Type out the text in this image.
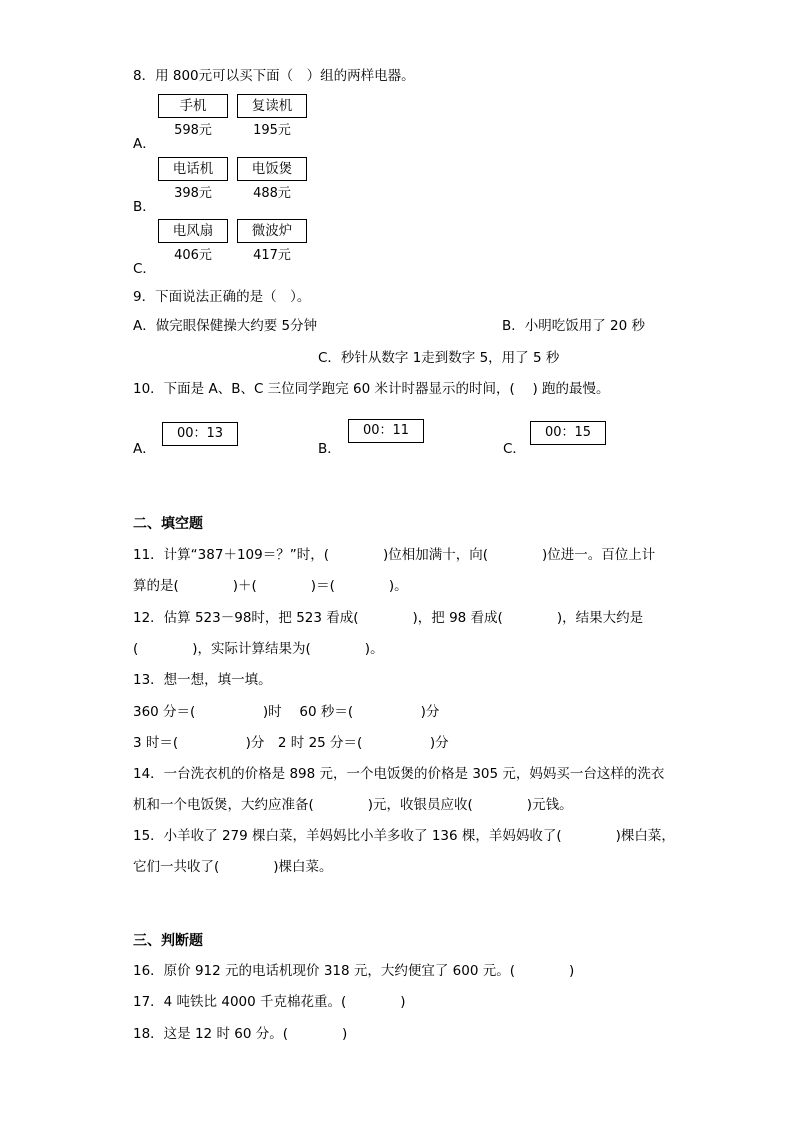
8．用 800元可以买下面（　）组的两样电器。
手机	复读机
598元	195元
A．
电话机	电饭煲
398元	488元
B．
电风扇	微波炉
406元	417元
C．
9．下面说法正确的是（　）。
A．做完眼保健操大约要 5分钟	B．小明吃饭用了 20 秒
C．秒针从数字 1走到数字 5，用了 5 秒
10．下面是 A、B、C 三位同学跑完 60 米计时器显示的时间，(　 ) 跑的最慢。
A．
00：13
B．
00：11
C．
00：15
二、填空题
11．计算“387＋109＝？”时，(　　　　)位相加满十，向(　　　　)位进一。百位上计
算的是(　　　　)＋(　　　　)＝(　　　　)。
12．估算 523－98时，把 523 看成(　　　　)，把 98 看成(　　　　)，结果大约是
(　　　　)，实际计算结果为(　　　　)。
13．想一想，填一填。
360 分＝(　　　　　)时　 60 秒＝(　　　　　)分
3 时＝(　　　　　)分　2 时 25 分＝(　　　　　)分
14．一台洗衣机的价格是 898 元，一个电饭煲的价格是 305 元，妈妈买一台这样的洗衣
机和一个电饭煲，大约应准备(　　　　)元，收银员应收(　　　　)元钱。
15．小羊收了 279 棵白菜，羊妈妈比小羊多收了 136 棵，羊妈妈收了(　　　　)棵白菜，
它们一共收了(　　　　)棵白菜。
三、判断题
16．原价 912 元的电话机现价 318 元，大约便宜了 600 元。(　　　　)
17．4 吨铁比 4000 千克棉花重。(　　　　)
18．这是 12 时 60 分。(　　　　)
